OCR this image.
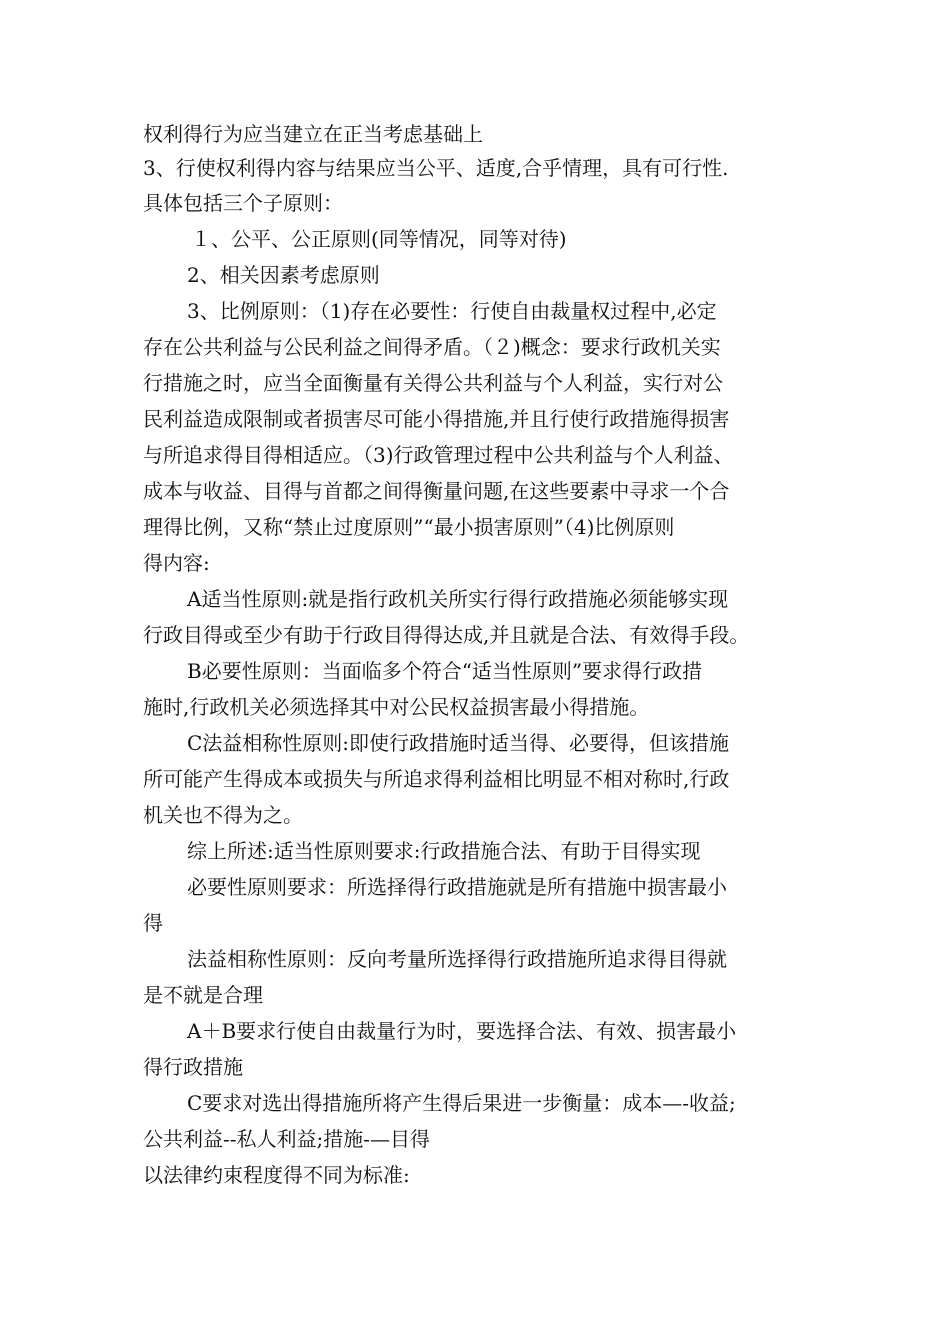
权利得行为应当建立在正当考虑基础上
3、行使权利得内容与结果应当公平、适度,合乎情理，具有可行性.
具体包括三个子原则：
１、公平、公正原则(同等情况，同等对待)
2、相关因素考虑原则
3、比例原则：（1)存在必要性：行使自由裁量权过程中,必定
存在公共利益与公民利益之间得矛盾。（２)概念：要求行政机关实
行措施之时，应当全面衡量有关得公共利益与个人利益，实行对公
民利益造成限制或者损害尽可能小得措施,并且行使行政措施得损害
与所追求得目得相适应。（3)行政管理过程中公共利益与个人利益、
成本与收益、目得与首都之间得衡量问题,在这些要素中寻求一个合
理得比例，又称“禁止过度原则”“最小损害原则”（4)比例原则
得内容:
A适当性原则:就是指行政机关所实行得行政措施必须能够实现
行政目得或至少有助于行政目得得达成,并且就是合法、有效得手段。
B必要性原则：当面临多个符合“适当性原则”要求得行政措
施时,行政机关必须选择其中对公民权益损害最小得措施。
C法益相称性原则:即使行政措施时适当得、必要得，但该措施
所可能产生得成本或损失与所追求得利益相比明显不相对称时,行政
机关也不得为之。
综上所述:适当性原则要求:行政措施合法、有助于目得实现
必要性原则要求：所选择得行政措施就是所有措施中损害最小
得
法益相称性原则：反向考量所选择得行政措施所追求得目得就
是不就是合理
A＋B要求行使自由裁量行为时，要选择合法、有效、损害最小
得行政措施
C要求对选出得措施所将产生得后果进一步衡量：成本—-收益;
公共利益--私人利益;措施-—目得
以法律约束程度得不同为标准:
